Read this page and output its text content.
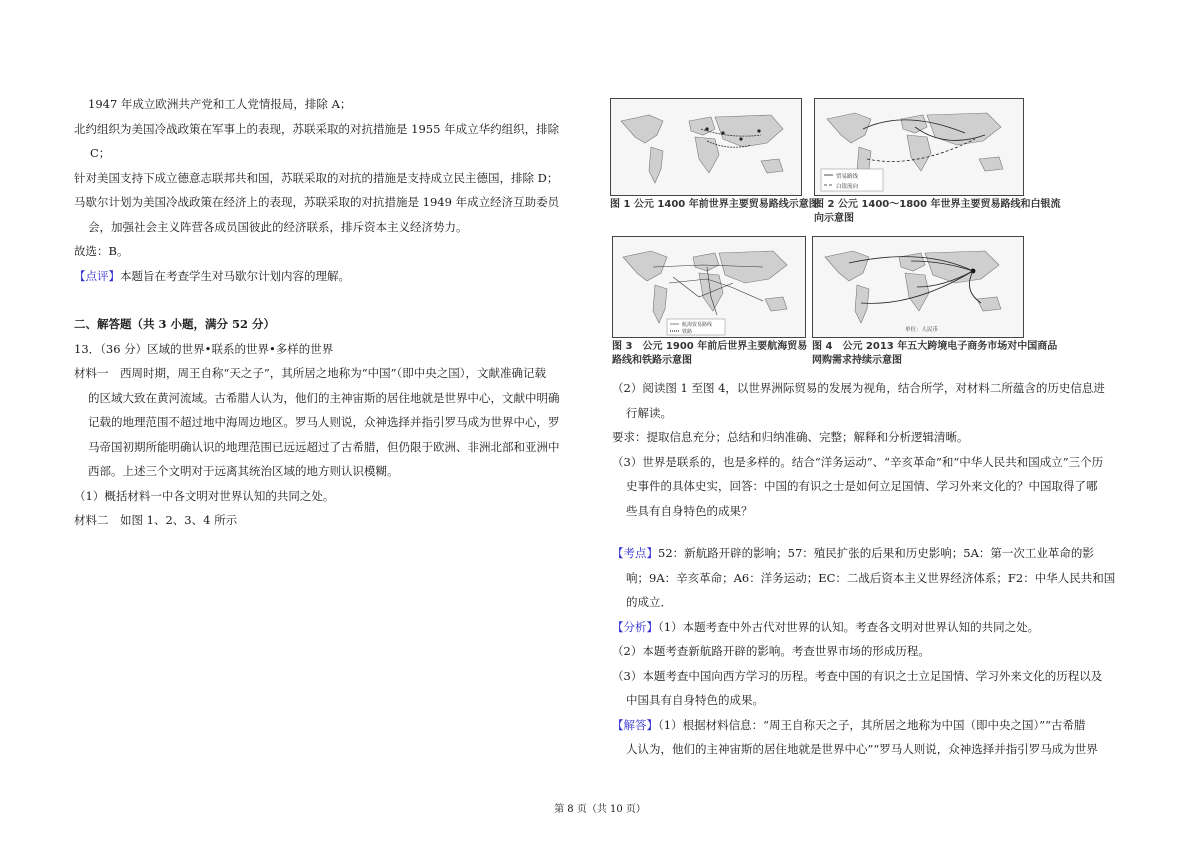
1947 年成立欧洲共产党和工人党情报局，排除 A；

北约组织为美国冷战政策在军事上的表现，苏联采取的对抗措施是 1955 年成立华约组织，排除

C；

针对美国支持下成立德意志联邦共和国，苏联采取的对抗的措施是支持成立民主德国，排除 D；

马歇尔计划为美国冷战政策在经济上的表现，苏联采取的对抗措施是 1949 年成立经济互助委员

会，加强社会主义阵营各成员国彼此的经济联系，排斥资本主义经济势力。

故选：B。

【点评】本题旨在考查学生对马歇尔计划内容的理解。

二、解答题（共 3 小题，满分 52 分）

13．（36 分）区域的世界•联系的世界•多样的世界

材料一　西周时期，周王自称“天之子”，其所居之地称为“中国”（即中央之国），文献准确记载

的区域大致在黄河流域。古希腊人认为，他们的主神宙斯的居住地就是世界中心，文献中明确

记载的地理范围不超过地中海周边地区。罗马人则说，众神选择并指引罗马成为世界中心，罗

马帝国初期所能明确认识的地理范围已远远超过了古希腊，但仍限于欧洲、非洲北部和亚洲中

西部。上述三个文明对于远离其统治区域的地方则认识模糊。

（1）概括材料一中各文明对世界认知的共同之处。

材料二　如图 1、2、3、4 所示

图 1 公元 1400 年前世界主要贸易路线示意图
贸易路线
白银流向
图 2 公元 1400～1800 年世界主要贸易路线和白银流
向示意图
航海贸易路线
铁路
图 3　公元 1900 年前后世界主要航海贸易
路线和铁路示意图
单位：人民币
图 4　公元 2013 年五大跨境电子商务市场对中国商品
网购需求持续示意图

（2）阅读图 1 至图 4，以世界洲际贸易的发展为视角，结合所学，对材料二所蕴含的历史信息进

行解读。

要求：提取信息充分；总结和归纳准确、完整；解释和分析逻辑清晰。

（3）世界是联系的，也是多样的。结合“洋务运动”、“辛亥革命”和“中华人民共和国成立”三个历

史事件的具体史实，回答：中国的有识之士是如何立足国情、学习外来文化的？中国取得了哪

些具有自身特色的成果？

【考点】52：新航路开辟的影响；57：殖民扩张的后果和历史影响；5A：第一次工业革命的影

响；9A：辛亥革命；A6：洋务运动；EC：二战后资本主义世界经济体系；F2：中华人民共和国

的成立．

【分析】（1）本题考查中外古代对世界的认知。考查各文明对世界认知的共同之处。

（2）本题考查新航路开辟的影响。考查世界市场的形成历程。

（3）本题考查中国向西方学习的历程。考查中国的有识之士立足国情、学习外来文化的历程以及

中国具有自身特色的成果。

【解答】（1）根据材料信息：“周王自称天之子，其所居之地称为中国（即中央之国）”“古希腊

人认为，他们的主神宙斯的居住地就是世界中心”“罗马人则说，众神选择并指引罗马成为世界

第 8 页（共 10 页）
